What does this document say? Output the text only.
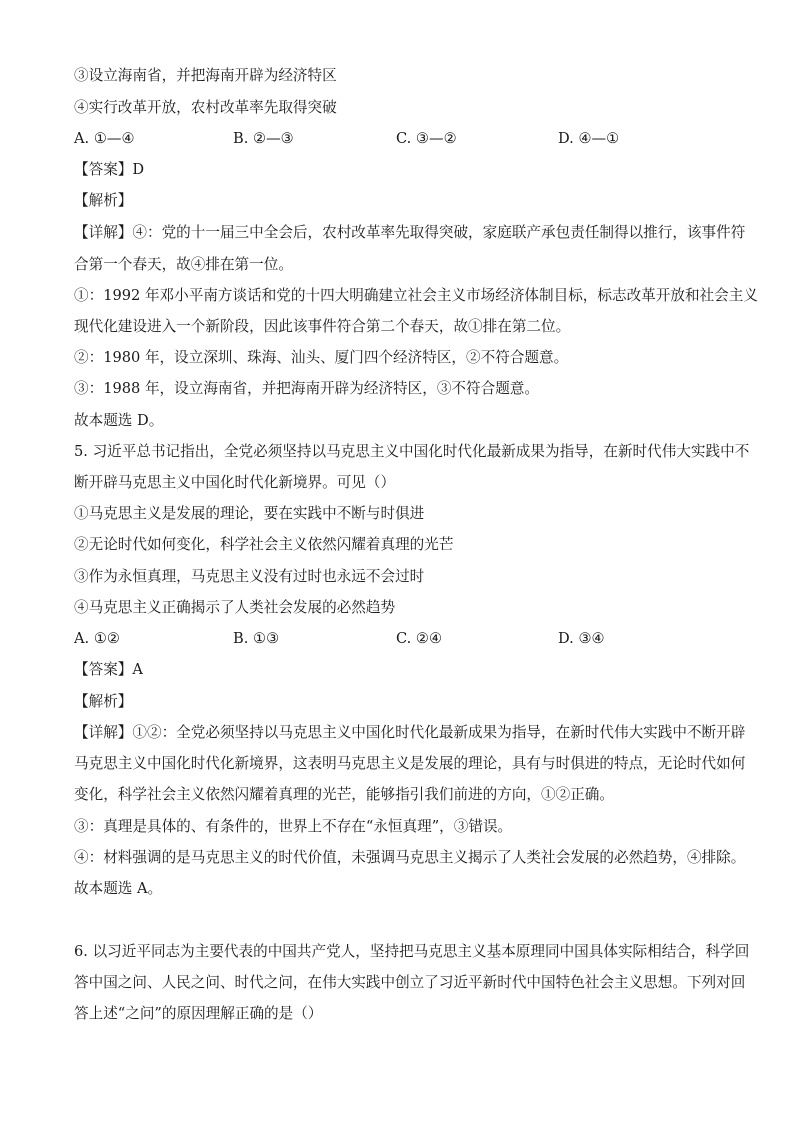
③设立海南省，并把海南开辟为经济特区
④实行改革开放，农村改革率先取得突破
A. ①—④	B. ②—③	C. ③—②	D. ④—①
【答案】D
【解析】
【详解】④：党的十一届三中全会后，农村改革率先取得突破，家庭联产承包责任制得以推行，该事件符
合第一个春天，故④排在第一位。
①：1992 年邓小平南方谈话和党的十四大明确建立社会主义市场经济体制目标，标志改革开放和社会主义
现代化建设进入一个新阶段，因此该事件符合第二个春天，故①排在第二位。
②：1980 年，设立深圳、珠海、汕头、厦门四个经济特区，②不符合题意。
③：1988 年，设立海南省，并把海南开辟为经济特区，③不符合题意。
故本题选 D。
5. 习近平总书记指出，全党必须坚持以马克思主义中国化时代化最新成果为指导，在新时代伟大实践中不
断开辟马克思主义中国化时代化新境界。可见（）
①马克思主义是发展的理论，要在实践中不断与时俱进
②无论时代如何变化，科学社会主义依然闪耀着真理的光芒
③作为永恒真理，马克思主义没有过时也永远不会过时
④马克思主义正确揭示了人类社会发展的必然趋势
A. ①②	B. ①③	C. ②④	D. ③④
【答案】A
【解析】
【详解】①②：全党必须坚持以马克思主义中国化时代化最新成果为指导，在新时代伟大实践中不断开辟
马克思主义中国化时代化新境界，这表明马克思主义是发展的理论，具有与时俱进的特点，无论时代如何
变化，科学社会主义依然闪耀着真理的光芒，能够指引我们前进的方向，①②正确。
③：真理是具体的、有条件的，世界上不存在“永恒真理”，③错误。
④：材料强调的是马克思主义的时代价值，未强调马克思主义揭示了人类社会发展的必然趋势，④排除。
故本题选 A。
6. 以习近平同志为主要代表的中国共产党人，坚持把马克思主义基本原理同中国具体实际相结合，科学回
答中国之问、人民之问、时代之问，在伟大实践中创立了习近平新时代中国特色社会主义思想。下列对回
答上述“之问”的原因理解正确的是（）
